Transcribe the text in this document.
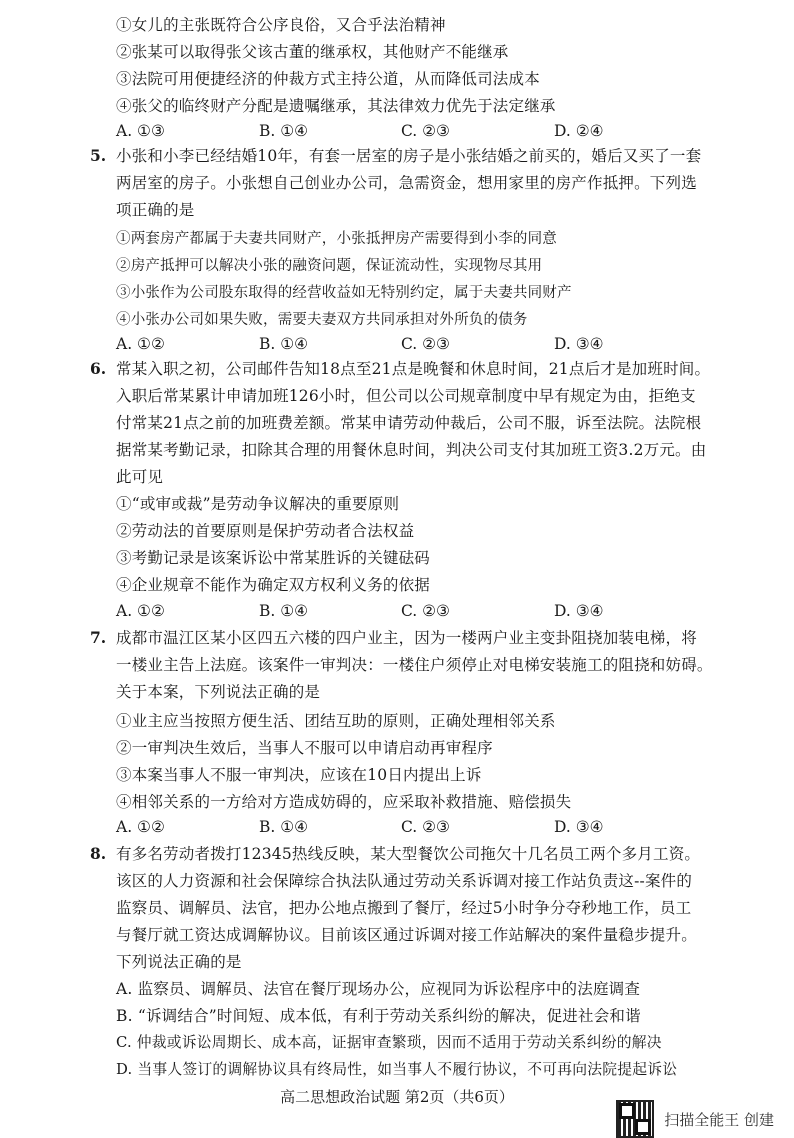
①女儿的主张既符合公序良俗，又合乎法治精神
②张某可以取得张父该古董的继承权，其他财产不能继承
③法院可用便捷经济的仲裁方式主持公道，从而降低司法成本
④张父的临终财产分配是遗嘱继承，其法律效力优先于法定继承
A. ①③	B. ①④	C. ②③	D. ②④
5. 小张和小李已经结婚10年，有套一居室的房子是小张结婚之前买的，婚后又买了一套
两居室的房子。小张想自己创业办公司，急需资金，想用家里的房产作抵押。下列选
项正确的是
①两套房产都属于夫妻共同财产，小张抵押房产需要得到小李的同意
②房产抵押可以解决小张的融资问题，保证流动性，实现物尽其用
③小张作为公司股东取得的经营收益如无特别约定，属于夫妻共同财产
④小张办公司如果失败，需要夫妻双方共同承担对外所负的债务
A. ①②	B. ①④	C. ②③	D. ③④
6. 常某入职之初，公司邮件告知18点至21点是晚餐和休息时间，21点后才是加班时间。
入职后常某累计申请加班126小时，但公司以公司规章制度中早有规定为由，拒绝支
付常某21点之前的加班费差额。常某申请劳动仲裁后，公司不服，诉至法院。法院根
据常某考勤记录，扣除其合理的用餐休息时间，判决公司支付其加班工资3.2万元。由
此可见
①“或审或裁”是劳动争议解决的重要原则
②劳动法的首要原则是保护劳动者合法权益
③考勤记录是该案诉讼中常某胜诉的关键砝码
④企业规章不能作为确定双方权利义务的依据
A. ①②	B. ①④	C. ②③	D. ③④
7. 成都市温江区某小区四五六楼的四户业主，因为一楼两户业主变卦阻挠加装电梯，将
一楼业主告上法庭。该案件一审判决：一楼住户须停止对电梯安装施工的阻挠和妨碍。
关于本案，下列说法正确的是
①业主应当按照方便生活、团结互助的原则，正确处理相邻关系
②一审判决生效后，当事人不服可以申请启动再审程序
③本案当事人不服一审判决，应该在10日内提出上诉
④相邻关系的一方给对方造成妨碍的，应采取补救措施、赔偿损失
A. ①②	B. ①④	C. ②③	D. ③④
8. 有多名劳动者拨打12345热线反映，某大型餐饮公司拖欠十几名员工两个多月工资。
该区的人力资源和社会保障综合执法队通过劳动关系诉调对接工作站负责这--案件的
监察员、调解员、法官，把办公地点搬到了餐厅，经过5小时争分夺秒地工作，员工
与餐厅就工资达成调解协议。目前该区通过诉调对接工作站解决的案件量稳步提升。
下列说法正确的是
A. 监察员、调解员、法官在餐厅现场办公，应视同为诉讼程序中的法庭调查
B. “诉调结合”时间短、成本低，有利于劳动关系纠纷的解决，促进社会和谐
C. 仲裁或诉讼周期长、成本高，证据审查繁琐，因而不适用于劳动关系纠纷的解决
D. 当事人签订的调解协议具有终局性，如当事人不履行协议，不可再向法院提起诉讼
高二思想政治试题 第2页（共6页）
扫描全能王 创建
